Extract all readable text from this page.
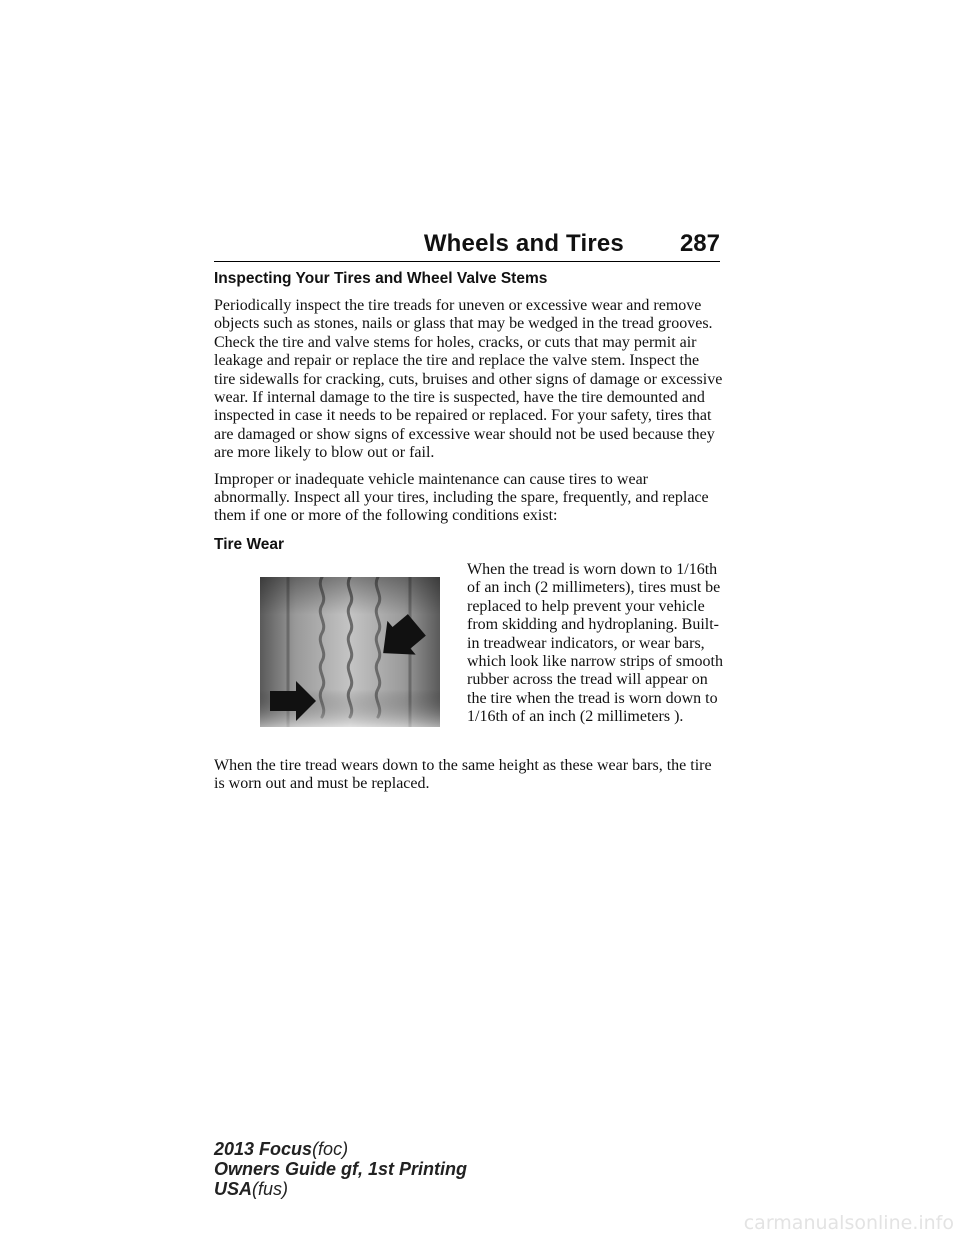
Wheels and Tires 287
Inspecting Your Tires and Wheel Valve Stems

Periodically inspect the tire treads for uneven or excessive wear and remove objects such as stones, nails or glass that may be wedged in the tread grooves. Check the tire and valve stems for holes, cracks, or cuts that may permit air leakage and repair or replace the tire and replace the valve stem. Inspect the tire sidewalls for cracking, cuts, bruises and other signs of damage or excessive wear. If internal damage to the tire is suspected, have the tire demounted and inspected in case it needs to be repaired or replaced. For your safety, tires that are damaged or show signs of excessive wear should not be used because they are more likely to blow out or fail.

Improper or inadequate vehicle maintenance can cause tires to wear abnormally. Inspect all your tires, including the spare, frequently, and replace them if one or more of the following conditions exist:

Tire Wear
When the tread is worn down to 1/16th of an inch (2 millimeters), tires must be replaced to help prevent your vehicle from skidding and hydroplaning. Built-in treadwear indicators, or wear bars, which look like narrow strips of smooth rubber across the tread will appear on the tire when the tread is worn down to 1/16th of an inch (2 millimeters ).

When the tire tread wears down to the same height as these wear bars, the tire is worn out and must be replaced.

2013 Focus(foc)
Owners Guide gf, 1st Printing
USA(fus)
carmanualsonline.info
